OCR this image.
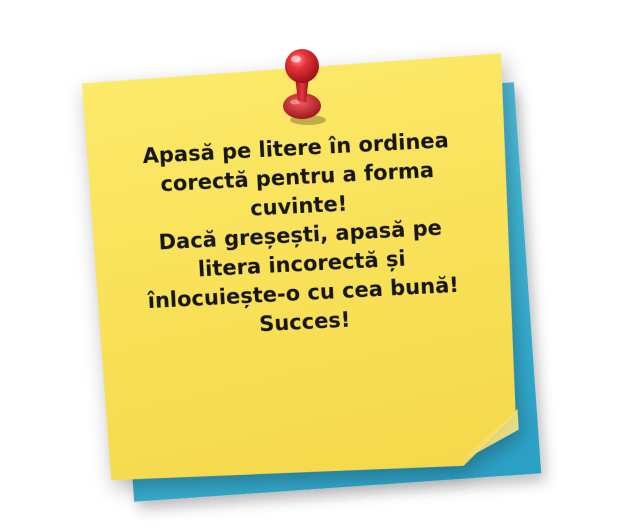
Apasă pe litere în ordinea
corectă pentru a forma
cuvinte!
Dacă greșești, apasă pe
litera incorectă și
înlocuiește-o cu cea bună!
Succes!
